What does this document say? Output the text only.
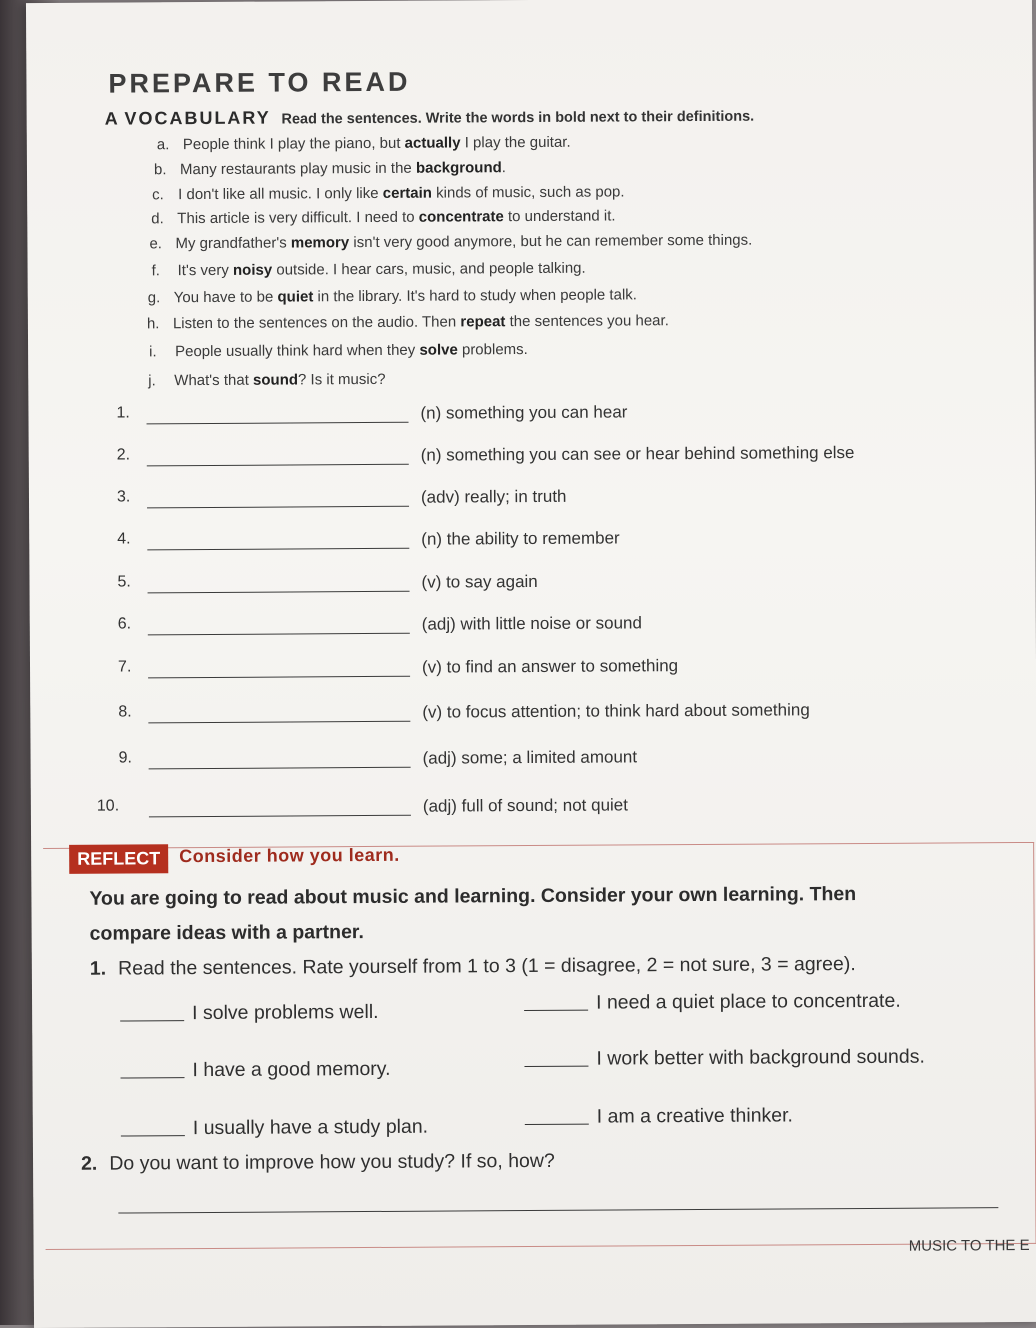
PREPARE TO READ
A VOCABULARY Read the sentences. Write the words in bold next to their definitions.
a. People think I play the piano, but actually I play the guitar.
b. Many restaurants play music in the background.
c. I don't like all music. I only like certain kinds of music, such as pop.
d. This article is very difficult. I need to concentrate to understand it.
e. My grandfather's memory isn't very good anymore, but he can remember some things.
f. It's very noisy outside. I hear cars, music, and people talking.
g. You have to be quiet in the library. It's hard to study when people talk.
h. Listen to the sentences on the audio. Then repeat the sentences you hear.
i. People usually think hard when they solve problems.
j. What's that sound? Is it music?
1.	(n) something you can hear
2.	(n) something you can see or hear behind something else
3.	(adv) really; in truth
4.	(n) the ability to remember
5.	(v) to say again
6.	(adj) with little noise or sound
7.	(v) to find an answer to something
8.	(v) to focus attention; to think hard about something
9.	(adj) some; a limited amount
10.	(adj) full of sound; not quiet
REFLECT	Consider how you learn.
You are going to read about music and learning. Consider your own learning. Then
compare ideas with a partner.
1. Read the sentences. Rate yourself from 1 to 3 (1 = disagree, 2 = not sure, 3 = agree).
I solve problems well.	I need a quiet place to concentrate.
I have a good memory.	I work better with background sounds.
I usually have a study plan.	I am a creative thinker.
2. Do you want to improve how you study? If so, how?
MUSIC TO THE E
